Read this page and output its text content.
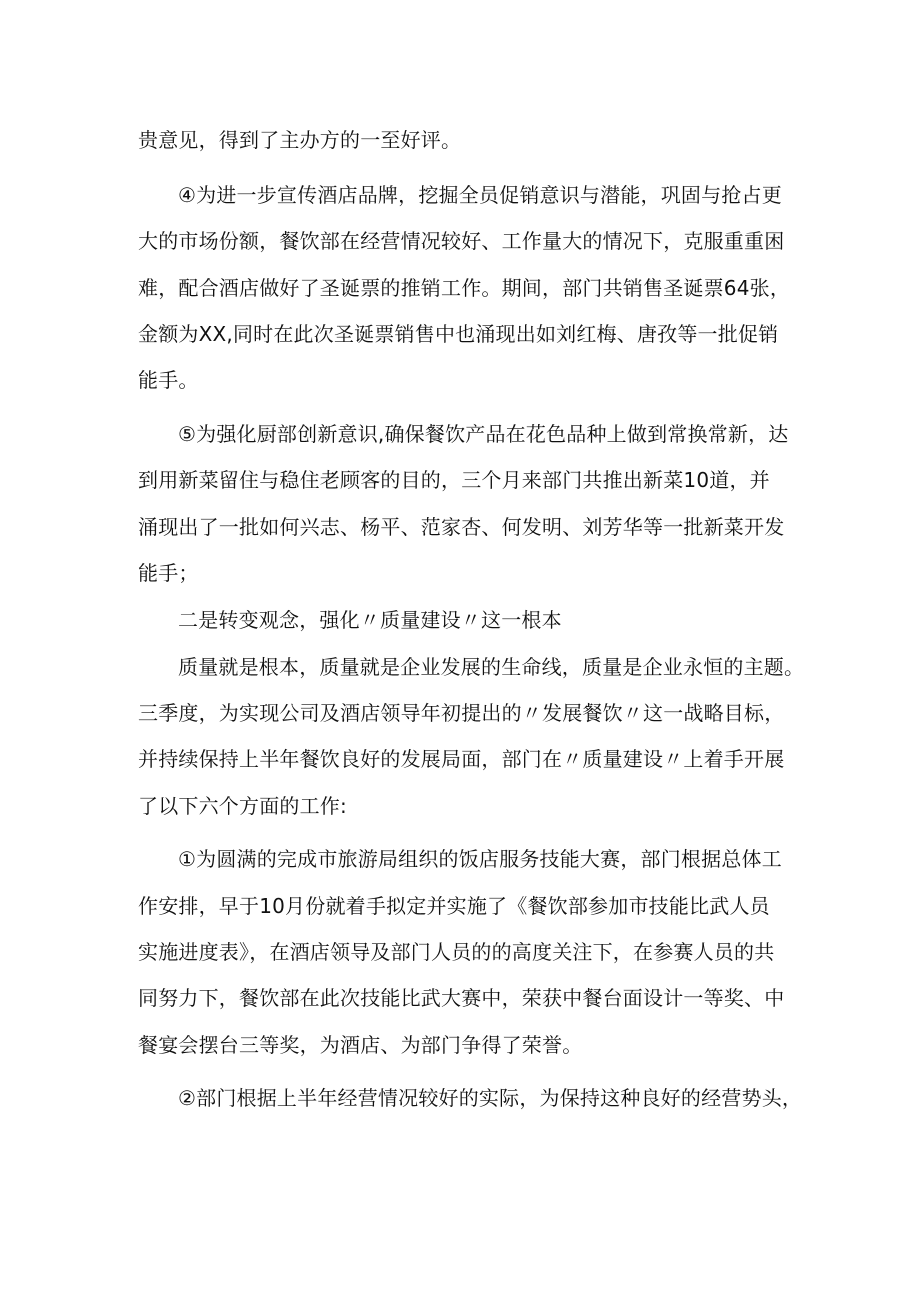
贵意见，得到了主办方的一至好评。
④为进一步宣传酒店品牌，挖掘全员促销意识与潜能，巩固与抢占更
大的市场份额，餐饮部在经营情况较好、工作量大的情况下，克服重重困
难，配合酒店做好了圣诞票的推销工作。期间，部门共销售圣诞票64张，
金额为XX,同时在此次圣诞票销售中也涌现出如刘红梅、唐孜等一批促销
能手。
⑤为强化厨部创新意识,确保餐饮产品在花色品种上做到常换常新，达
到用新菜留住与稳住老顾客的目的，三个月来部门共推出新菜10道，并
涌现出了一批如何兴志、杨平、范家杏、何发明、刘芳华等一批新菜开发
能手；
二是转变观念，强化〃质量建设〃这一根本
质量就是根本，质量就是企业发展的生命线，质量是企业永恒的主题。
三季度，为实现公司及酒店领导年初提出的〃发展餐饮〃这一战略目标，
并持续保持上半年餐饮良好的发展局面，部门在〃质量建设〃上着手开展
了以下六个方面的工作:
①为圆满的完成市旅游局组织的饭店服务技能大赛，部门根据总体工
作安排，早于10月份就着手拟定并实施了《餐饮部参加市技能比武人员
实施进度表》，在酒店领导及部门人员的的高度关注下，在参赛人员的共
同努力下，餐饮部在此次技能比武大赛中，荣获中餐台面设计一等奖、中
餐宴会摆台三等奖，为酒店、为部门争得了荣誉。
②部门根据上半年经营情况较好的实际，为保持这种良好的经营势头，
